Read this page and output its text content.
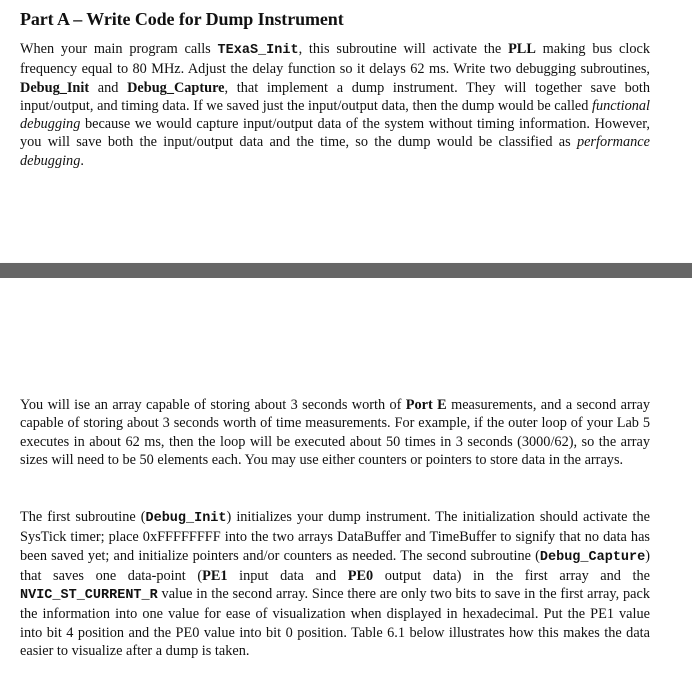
Part A – Write Code for Dump Instrument

When your main program calls TExaS_Init, this subroutine will activate the PLL making bus clock frequency equal to 80 MHz. Adjust the delay function so it delays 62 ms. Write two debugging subroutines, Debug_Init and Debug_Capture, that implement a dump instrument. They will together save both input/output, and timing data. If we saved just the input/output data, then the dump would be called functional debugging because we would capture input/output data of the system without timing information. However, you will save both the input/output data and the time, so the dump would be classified as performance debugging.

You will ise an array capable of storing about 3 seconds worth of Port E measurements, and a second array capable of storing about 3 seconds worth of time measurements. For example, if the outer loop of your Lab 5 executes in about 62 ms, then the loop will be executed about 50 times in 3 seconds (3000/62), so the array sizes will need to be 50 elements each. You may use either counters or pointers to store data in the arrays.

The first subroutine (Debug_Init) initializes your dump instrument. The initialization should activate the SysTick timer; place 0xFFFFFFFF into the two arrays DataBuffer and TimeBuffer to signify that no data has been saved yet; and initialize pointers and/or counters as needed. The second subroutine (Debug_Capture) that saves one data-point (PE1 input data and PE0 output data) in the first array and the NVIC_ST_CURRENT_R value in the second array. Since there are only two bits to save in the first array, pack the information into one value for ease of visualization when displayed in hexadecimal. Put the PE1 value into bit 4 position and the PE0 value into bit 0 position. Table 6.1 below illustrates how this makes the data easier to visualize after a dump is taken.
